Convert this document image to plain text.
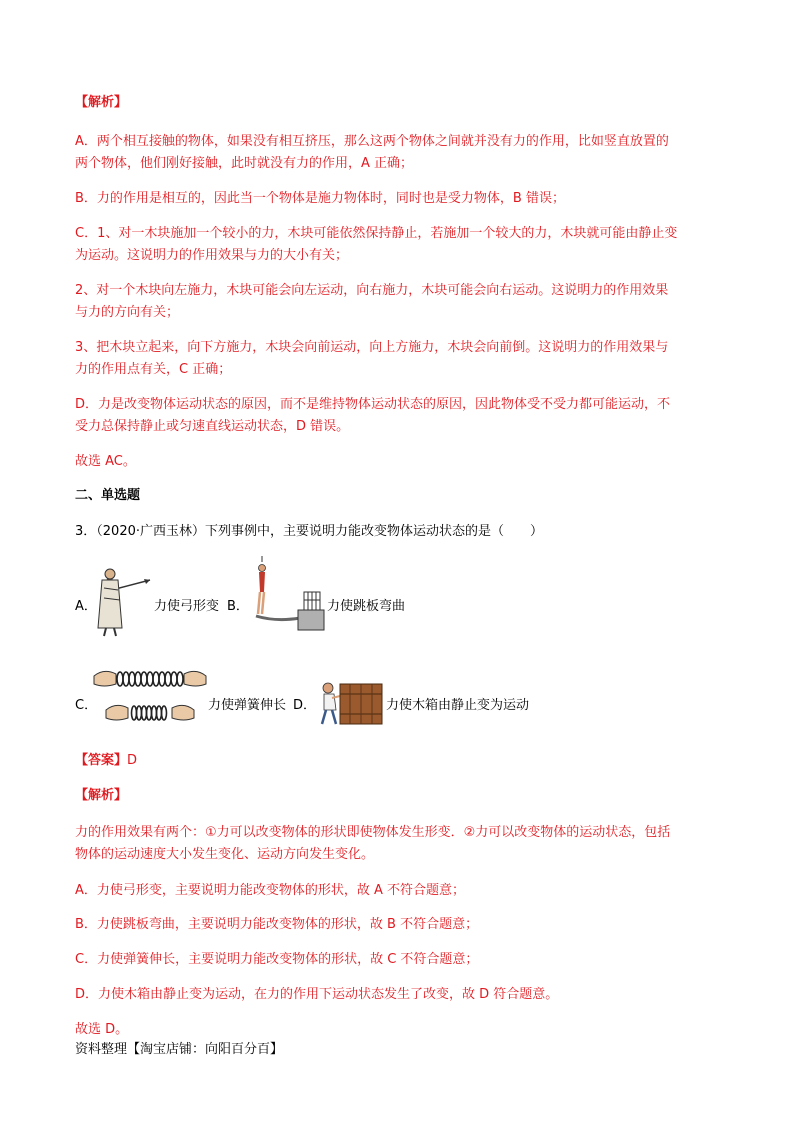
【解析】
A．两个相互接触的物体，如果没有相互挤压，那么这两个物体之间就并没有力的作用，比如竖直放置的
两个物体，他们刚好接触，此时就没有力的作用，A 正确；
B．力的作用是相互的，因此当一个物体是施力物体时，同时也是受力物体，B 错误；
C．1、对一木块施加一个较小的力，木块可能依然保持静止，若施加一个较大的力，木块就可能由静止变
为运动。这说明力的作用效果与力的大小有关；
2、对一个木块向左施力，木块可能会向左运动，向右施力，木块可能会向右运动。这说明力的作用效果
与力的方向有关；
3、把木块立起来，向下方施力，木块会向前运动，向上方施力，木块会向前倒。这说明力的作用效果与
力的作用点有关，C 正确；
D．力是改变物体运动状态的原因，而不是维持物体运动状态的原因，因此物体受不受力都可能运动，不
受力总保持静止或匀速直线运动状态，D 错误。
故选 AC。
二、单选题
3．（2020·广西玉林）下列事例中，主要说明力能改变物体运动状态的是（　　）
A．	力使弓形变 B．	力使跳板弯曲
C．	力使弹簧伸长 D．	力使木箱由静止变为运动
【答案】D
【解析】
力的作用效果有两个：①力可以改变物体的形状即使物体发生形变．②力可以改变物体的运动状态，包括
物体的运动速度大小发生变化、运动方向发生变化。
A．力使弓形变，主要说明力能改变物体的形状，故 A 不符合题意；
B．力使跳板弯曲，主要说明力能改变物体的形状，故 B 不符合题意；
C．力使弹簧伸长，主要说明力能改变物体的形状，故 C 不符合题意；
D．力使木箱由静止变为运动，在力的作用下运动状态发生了改变，故 D 符合题意。
故选 D。
资料整理【淘宝店铺：向阳百分百】
